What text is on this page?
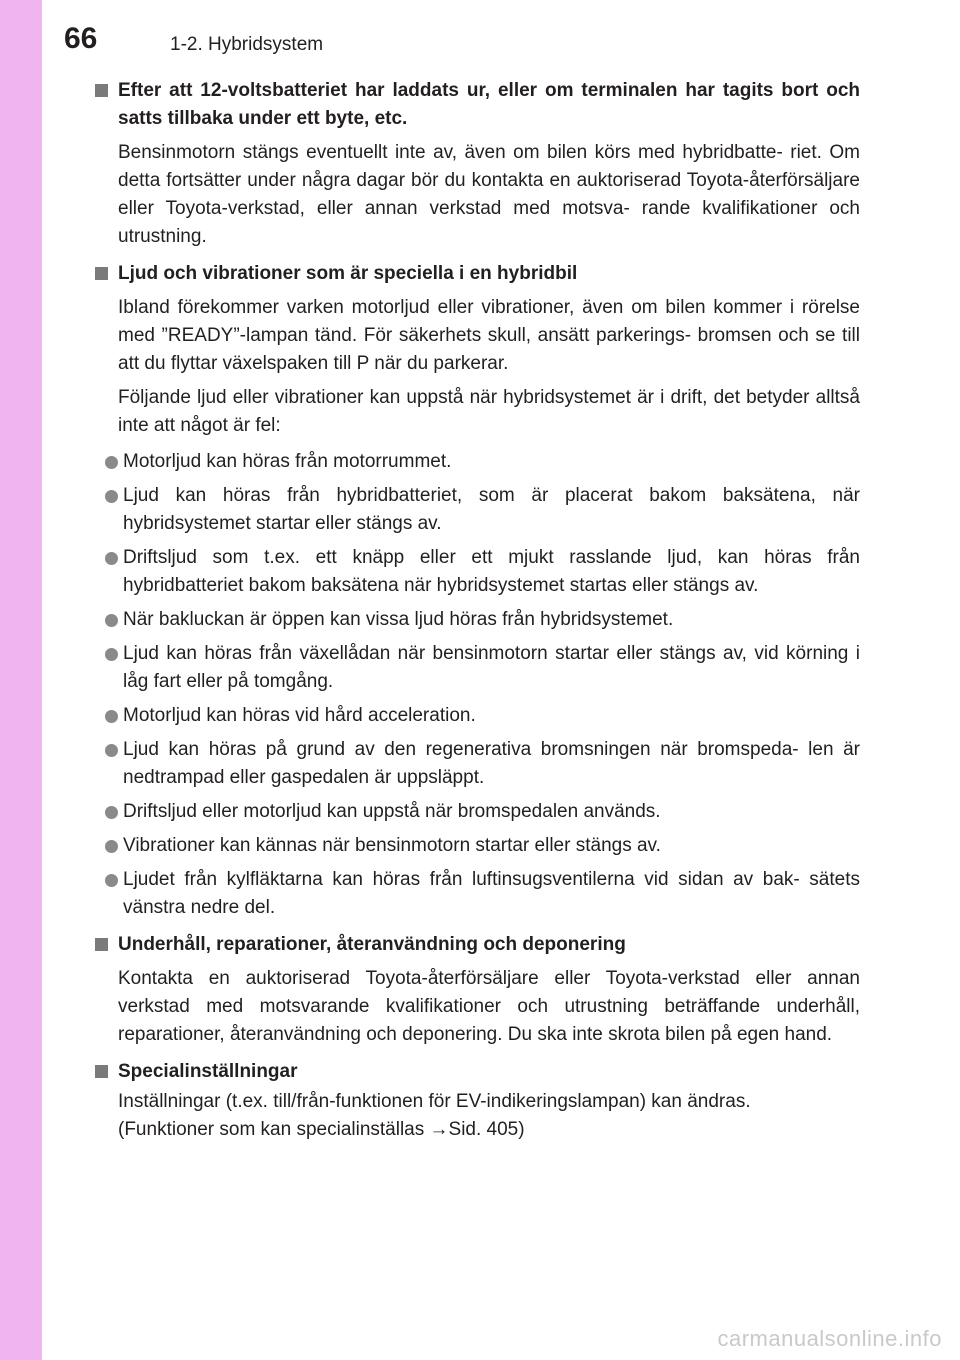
66	1-2. Hybridsystem
Efter att 12-voltsbatteriet har laddats ur, eller om terminalen har tagits bort och satts tillbaka under ett byte, etc.

Bensinmotorn stängs eventuellt inte av, även om bilen körs med hybridbatte- riet. Om detta fortsätter under några dagar bör du kontakta en auktoriserad Toyota-återförsäljare eller Toyota-verkstad, eller annan verkstad med motsva- rande kvalifikationer och utrustning.

Ljud och vibrationer som är speciella i en hybridbil

Ibland förekommer varken motorljud eller vibrationer, även om bilen kommer i rörelse med ”READY”-lampan tänd. För säkerhets skull, ansätt parkerings- bromsen och se till att du flyttar växelspaken till P när du parkerar.

Följande ljud eller vibrationer kan uppstå när hybridsystemet är i drift, det betyder alltså inte att något är fel:

Motorljud kan höras från motorrummet.
Ljud kan höras från hybridbatteriet, som är placerat bakom baksätena, när hybridsystemet startar eller stängs av.
Driftsljud som t.ex. ett knäpp eller ett mjukt rasslande ljud, kan höras från hybridbatteriet bakom baksätena när hybridsystemet startas eller stängs av.
När bakluckan är öppen kan vissa ljud höras från hybridsystemet.
Ljud kan höras från växellådan när bensinmotorn startar eller stängs av, vid körning i låg fart eller på tomgång.
Motorljud kan höras vid hård acceleration.
Ljud kan höras på grund av den regenerativa bromsningen när bromspeda- len är nedtrampad eller gaspedalen är uppsläppt.
Driftsljud eller motorljud kan uppstå när bromspedalen används.
Vibrationer kan kännas när bensinmotorn startar eller stängs av.
Ljudet från kylfläktarna kan höras från luftinsugsventilerna vid sidan av bak- sätets vänstra nedre del.
Underhåll, reparationer, återanvändning och deponering

Kontakta en auktoriserad Toyota-återförsäljare eller Toyota-verkstad eller annan verkstad med motsvarande kvalifikationer och utrustning beträffande underhåll, reparationer, återanvändning och deponering. Du ska inte skrota bilen på egen hand.

Specialinställningar

Inställningar (t.ex. till/från-funktionen för EV-indikeringslampan) kan ändras.

(Funktioner som kan specialinställas →Sid. 405)

carmanualsonline.info
